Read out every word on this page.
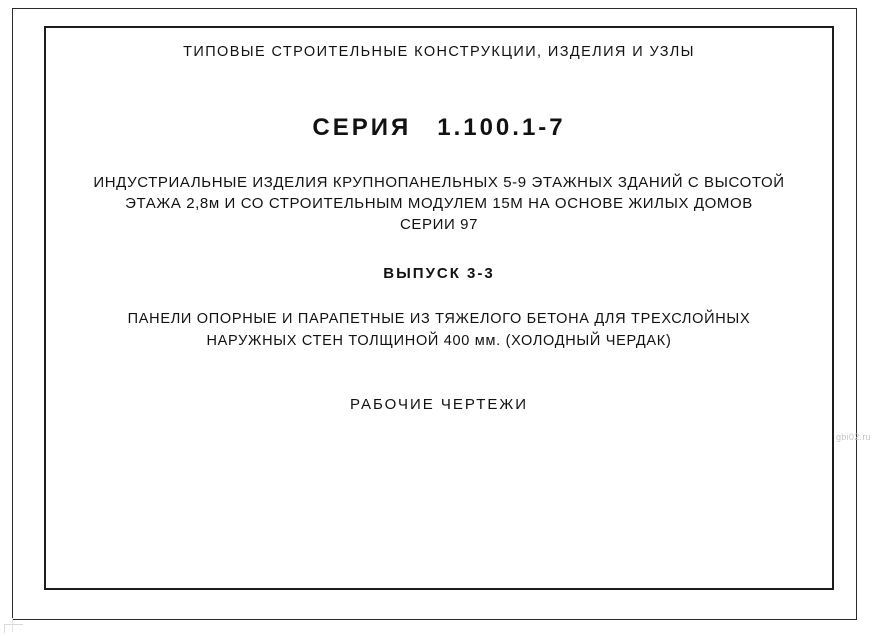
ТИПОВЫЕ СТРОИТЕЛЬНЫЕ КОНСТРУКЦИИ, ИЗДЕЛИЯ И УЗЛЫ
СЕРИЯ 1.100.1-7
ИНДУСТРИАЛЬНЫЕ ИЗДЕЛИЯ КРУПНОПАНЕЛЬНЫХ 5-9 ЭТАЖНЫХ ЗДАНИЙ С ВЫСОТОЙ
ЭТАЖА 2,8м И СО СТРОИТЕЛЬНЫМ МОДУЛЕМ 15М НА ОСНОВЕ ЖИЛЫХ ДОМОВ
СЕРИИ 97
ВЫПУСК 3-3
ПАНЕЛИ ОПОРНЫЕ И ПАРАПЕТНЫЕ ИЗ ТЯЖЕЛОГО БЕТОНА ДЛЯ ТРЕХСЛОЙНЫХ
НАРУЖНЫХ СТЕН ТОЛЩИНОЙ 400 мм. (ХОЛОДНЫЙ ЧЕРДАК)
РАБОЧИЕ ЧЕРТЕЖИ
gbi02.ru
